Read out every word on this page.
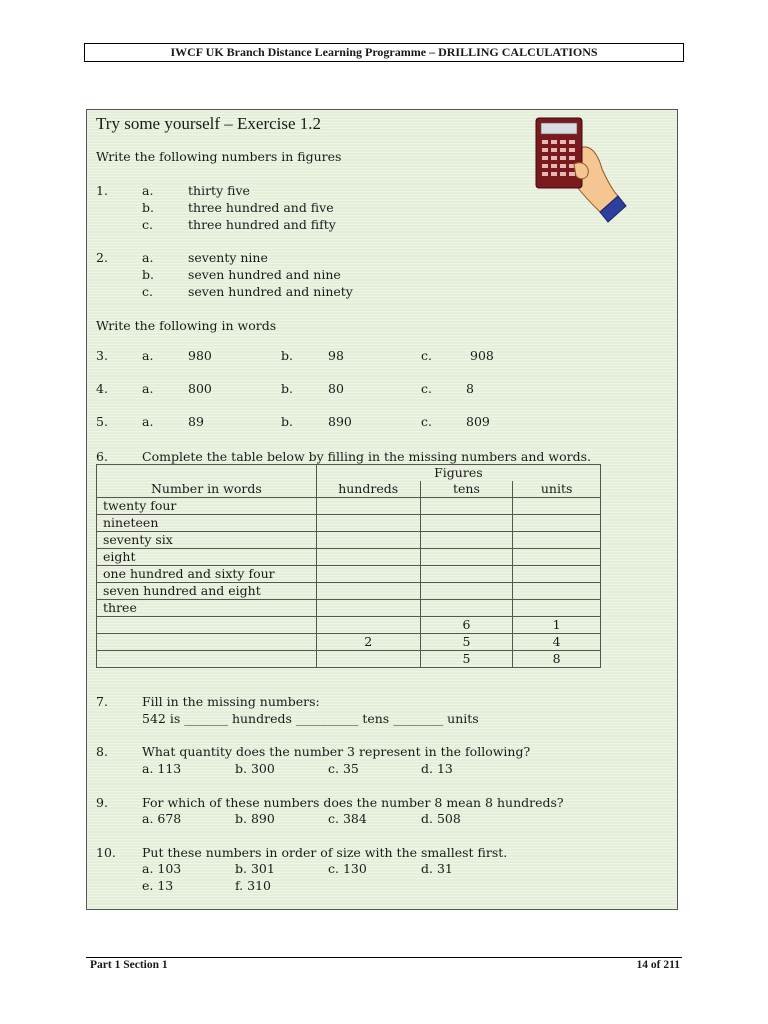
IWCF UK Branch Distance Learning Programme – DRILLING CALCULATIONS
Try some yourself – Exercise 1.2
Write the following numbers in figures
1.	a.	thirty five
b.	three hundred and five
c.	three hundred and fifty
2.	a.	seventy nine
b.	seven hundred and nine
c.	seven hundred and ninety
Write the following in words
3.	a.	980	b.	98	c.	908
4.	a.	800	b.	80	c.	8
5.	a.	89	b.	890	c.	809
6.	Complete the table below by filling in the missing numbers and words.
Number in words	Figures		
	hundreds	tens	units
twenty four			
nineteen			
seventy six			
eight			
one hundred and sixty four			
seven hundred and eight			
three			
		6	1
	2	5	4
		5	8
7.	Fill in the missing numbers:
542 is _______ hundreds __________ tens ________ units
8.	What quantity does the number 3 represent in the following?
a. 113	b. 300	c. 35	d. 13
9.	For which of these numbers does the number 8 mean 8 hundreds?
a. 678	b. 890	c. 384	d. 508
10. Put these numbers in order of size with the smallest first.
a. 103	b. 301	c. 130	d. 31
e. 13	f. 310
Part 1 Section 1	14 of 211
